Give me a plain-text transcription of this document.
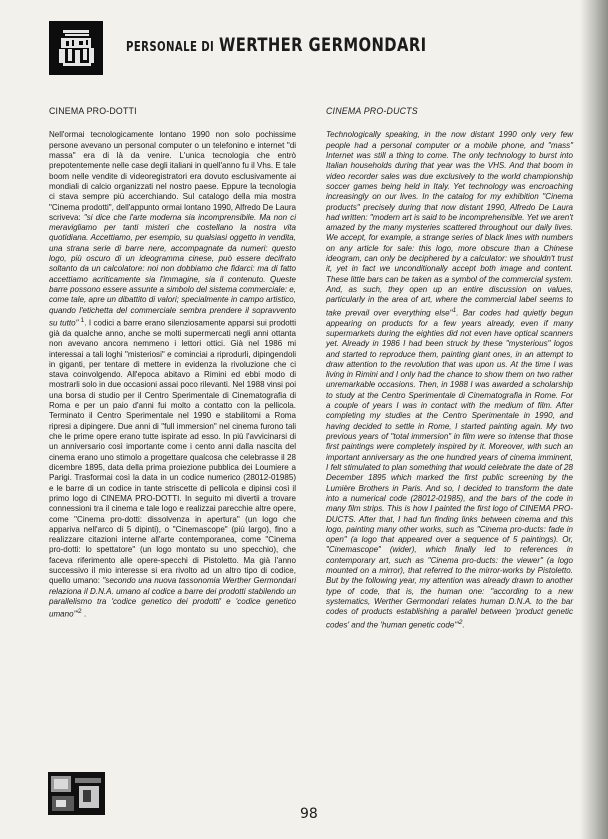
PERSONALE DI WERTHER GERMONDARI
CINEMA PRO-DOTTI

Nell'ormai tecnologicamente lontano 1990 non solo pochissime persone avevano un personal computer o un telefonino e internet "di massa" era di là da venire. L'unica tecnologia che entrò prepotentemente nelle case degli italiani in quell'anno fu il Vhs. E tale boom nelle vendite di videoregistratori era dovuto esclusivamente ai mondiali di calcio organizzati nel nostro paese. Eppure la tecnologia ci stava sempre più accerchiando. Sul catalogo della mia mostra "Cinema prodotti", dell'appunto ormai lontano 1990, Alfredo De Laura scriveva: "si dice che l'arte moderna sia incomprensibile. Ma non ci meravigliamo per tanti misteri che costellano la nostra vita quotidiana. Accettiamo, per esempio, su qualsiasi oggetto in vendita, una strana serie di barre nere, accompagnate da numeri: questo logo, più oscuro di un ideogramma cinese, può essere decifrato soltanto da un calcolatore: noi non dobbiamo che fidarci: ma di fatto accettiamo acriticamente sia l'immagine, sia il contenuto. Queste barre possono essere assunte a simbolo del sistema commerciale: e, come tale, apre un dibattito di valori; specialmente in campo artistico, quando l'etichetta del commerciale sembra prendere il sopravvento su tutto" $^1$. I codici a barre erano silenziosamente apparsi sui prodotti già da qualche anno, anche se molti supermercati negli anni ottanta non avevano ancora nemmeno i lettori ottici. Già nel 1986 mi interessai a tali loghi "misteriosi" e cominciai a riprodurli, dipingendoli in giganti, per tentare di mettere in evidenza la rivoluzione che ci stava coinvolgendo. All'epoca abitavo a Rimini ed ebbi modo di mostrarli solo in due occasioni assai poco rilevanti. Nel 1988 vinsi poi una borsa di studio per il Centro Sperimentale di Cinematografia di Roma e per un paio d'anni fui molto a contatto con la pellicola. Terminato il Centro Sperimentale nel 1990 e stabilitomi a Roma ripresi a dipingere. Due anni di "full immersion" nel cinema furono tali che le prime opere erano tutte ispirate ad esso. In più l'avvicinarsi di un anniversario così importante come i cento anni dalla nascita del cinema erano uno stimolo a progettare qualcosa che celebrasse il 28 dicembre 1895, data della prima proiezione pubblica dei Loumiere a Parigi. Trasformai così la data in un codice numerico (28012-01985) e le barre di un codice in tante striscette di pellicola e dipinsi così il primo logo di CINEMA PRO-DOTTI. In seguito mi divertii a trovare connessioni tra il cinema e tale logo e realizzai parecchie altre opere, come "Cinema pro-dotti: dissolvenza in apertura" (un logo che appariva nell'arco di 5 dipinti), o "Cinemascope" (più largo), fino a realizzare citazioni interne all'arte contemporanea, come "Cinema pro-dotti: lo spettatore" (un logo montato su uno specchio), che faceva riferimento alle opere-specchi di Pistoletto. Ma già l'anno successivo il mio interesse si era rivolto ad un altro tipo di codice, quello umano: "secondo una nuova tassonomia Werther Germondari relaziona il D.N.A. umano al codice a barre dei prodotti stabilendo un parallelismo tra 'codice genetico dei prodotti' e 'codice genetico umano'"$^2$ .

CINEMA PRO-DUCTS

Technologically speaking, in the now distant 1990 only very few people had a personal computer or a mobile phone, and "mass" Internet was still a thing to come. The only technology to burst into Italian households during that year was the VHS. And that boom in video recorder sales was due exclusively to the world championship soccer games being held in Italy. Yet technology was encroaching increasingly on our lives. In the catalog for my exhibition "Cinema products" precisely during that now distant 1990, Alfredo De Laura had written: "modern art is said to be incomprehensible. Yet we aren't amazed by the many mysteries scattered throughout our daily lives. We accept, for example, a strange series of black lines with numbers on any article for sale: this logo, more obscure than a Chinese ideogram, can only be deciphered by a calculator: we shouldn't trust it, yet in fact we unconditionally accept both image and content. These little bars can be taken as a symbol of the commercial system. And, as such, they open up an entire discussion on values, particularly in the area of art, where the commercial label seems to take prevail over everything else"$^1$. Bar codes had quietly begun appearing on products for a few years already, even if many supermarkets during the eighties did not even have optical scanners yet. Already in 1986 I had been struck by these "mysterious" logos and started to reproduce them, painting giant ones, in an attempt to draw attention to the revolution that was upon us. At the time I was living in Rimini and I only had the chance to show them on two rather unremarkable occasions. Then, in 1988 I was awarded a scholarship to study at the Centro Sperimentale di Cinematografia in Rome. For a couple of years I was in contact with the medium of film. After completing my studies at the Centro Sperimentale in 1990, and having decided to settle in Rome, I started painting again. My two previous years of "total immersion" in film were so intense that those first paintings were completely inspired by it. Moreover, with such an important anniversary as the one hundred years of cinema imminent, I felt stimulated to plan something that would celebrate the date of 28 December 1895 which marked the first public screening by the Lumière Brothers in Paris. And so, I decided to transform the date into a numerical code (28012-01985), and the bars of the code in many film strips. This is how I painted the first logo of CINEMA PRO-DUCTS. After that, I had fun finding links between cinema and this logo, painting many other works, such as "Cinema pro-ducts: fade in open" (a logo that appeared over a sequence of 5 paintings). Or, "Cinemascope" (wider), which finally led to references in contemporary art, such as "Cinema pro-ducts: the viewer" (a logo mounted on a mirror), that referred to the mirror-works by Pistoletto. But by the following year, my attention was already drawn to another type of code, that is, the human one: "according to a new systematics, Werther Germondari relates human D.N.A. to the bar codes of products establishing a parallel between 'product genetic codes' and the 'human genetic code'"$^2$.

98
